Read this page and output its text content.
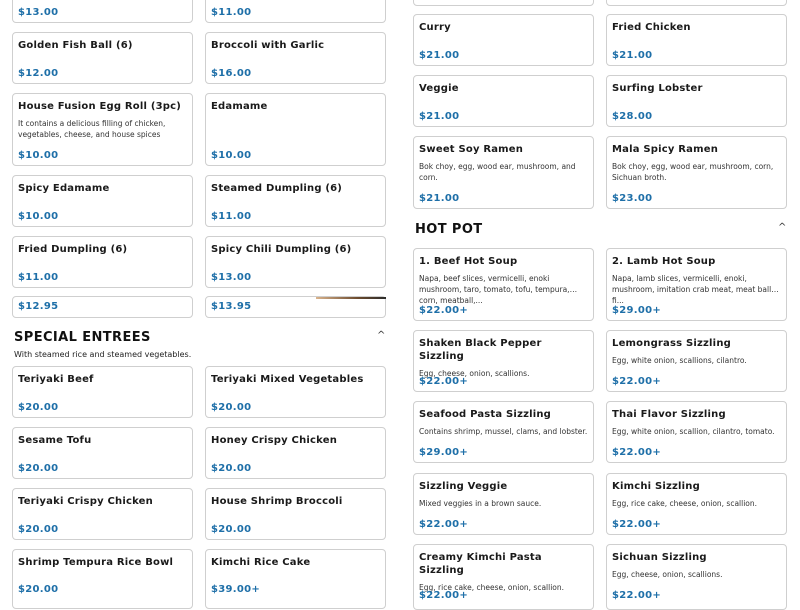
$13.00	$11.00
Golden Fish Ball (6)
$12.00
Broccoli with Garlic
$16.00
House Fusion Egg Roll (3pc)
It contains a delicious filling of chicken, vegetables, cheese, and house spices
$10.00
Edamame
$10.00
Spicy Edamame
$10.00
Steamed Dumpling (6)
$11.00
Fried Dumpling (6)
$11.00
Spicy Chili Dumpling (6)
$13.00
$12.95	$13.95
SPECIAL ENTREES	^
With steamed rice and steamed vegetables.
Teriyaki Beef
$20.00
Teriyaki Mixed Vegetables
$20.00
Sesame Tofu
$20.00
Honey Crispy Chicken
$20.00
Teriyaki Crispy Chicken
$20.00
House Shrimp Broccoli
$20.00
Shrimp Tempura Rice Bowl
$20.00
Kimchi Rice Cake
$39.00+
Curry
$21.00
Fried Chicken
$21.00
Veggie
$21.00
Surfing Lobster
$28.00
Sweet Soy Ramen
Bok choy, egg, wood ear, mushroom, and corn.
$21.00
Mala Spicy Ramen
Bok choy, egg, wood ear, mushroom, corn, Sichuan broth.
$23.00
HOT POT	^
1. Beef Hot Soup
Napa, beef slices, vermicelli, enoki mushroom, taro, tomato, tofu, tempura, corn, meatball,...
$22.00+
2. Lamb Hot Soup
Napa, lamb slices, vermicelli, enoki, mushroom, imitation crab meat, meat ball, fi...
$29.00+
Shaken Black Pepper Sizzling
Egg, cheese, onion, scallions.
$22.00+
Lemongrass Sizzling
Egg, white onion, scallions, cilantro.
$22.00+
Seafood Pasta Sizzling
Contains shrimp, mussel, clams, and lobster.
$29.00+
Thai Flavor Sizzling
Egg, white onion, scallion, cilantro, tomato.
$22.00+
Sizzling Veggie
Mixed veggies in a brown sauce.
$22.00+
Kimchi Sizzling
Egg, rice cake, cheese, onion, scallion.
$22.00+
Creamy Kimchi Pasta Sizzling
Egg, rice cake, cheese, onion, scallion.
$22.00+
Sichuan Sizzling
Egg, cheese, onion, scallions.
$22.00+
